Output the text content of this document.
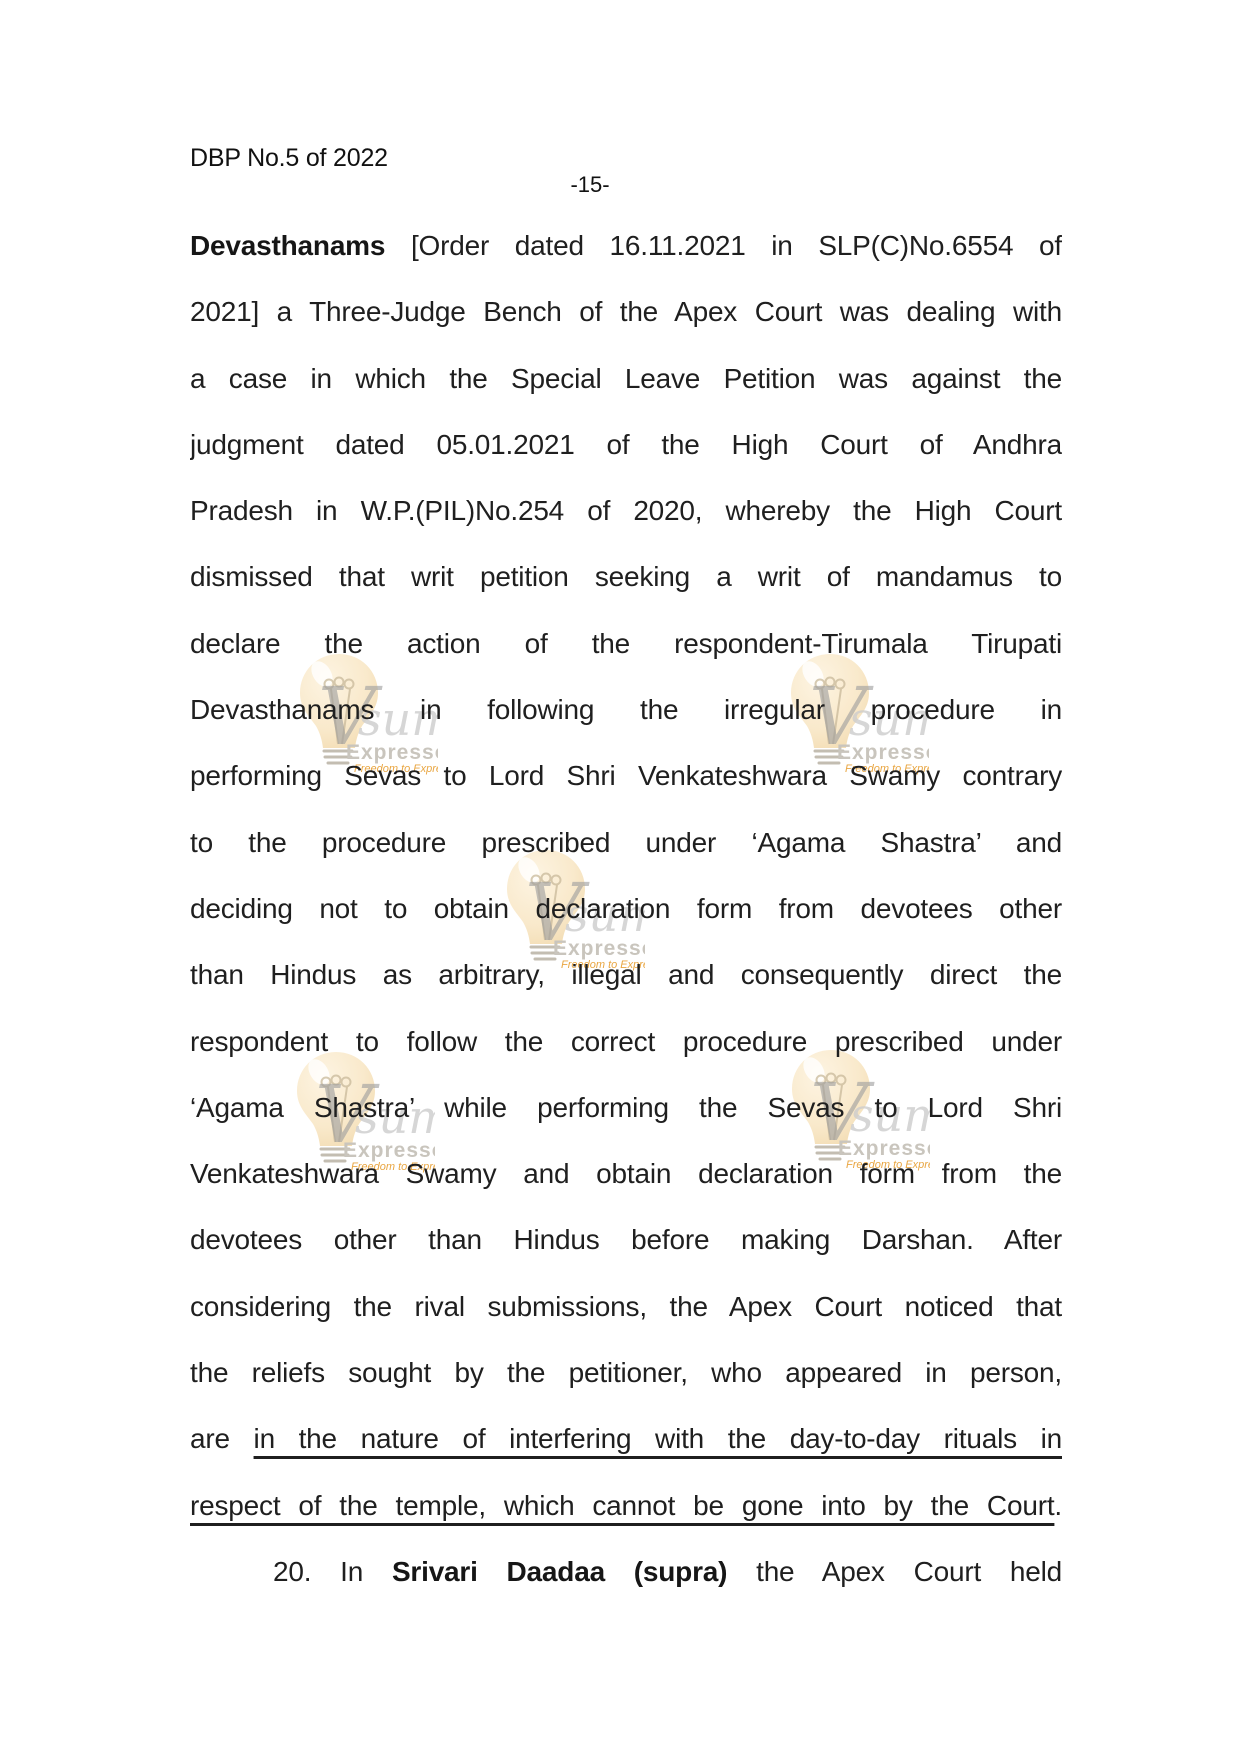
DBP No.5 of 2022
-15-
Devasthanams [Order dated 16.11.2021 in SLP(C)No.6554 of
2021] a Three-Judge Bench of the Apex Court was dealing with
a case in which the Special Leave Petition was against the
judgment dated 05.01.2021 of the High Court of Andhra
Pradesh in W.P.(PIL)No.254 of 2020, whereby the High Court
dismissed that writ petition seeking a writ of mandamus to
declare the action of the respondent-Tirumala Tirupati
Devasthanams in following the irregular procedure in
performing Sevas to Lord Shri Venkateshwara Swamy contrary
to the procedure prescribed under ‘Agama Shastra’ and
deciding not to obtain declaration form from devotees other
than Hindus as arbitrary, illegal and consequently direct the
respondent to follow the correct procedure prescribed under
‘Agama Shastra’ while performing the Sevas to Lord Shri
Venkateshwara Swamy and obtain declaration form from the
devotees other than Hindus before making Darshan. After
considering the rival submissions, the Apex Court noticed that
the reliefs sought by the petitioner, who appeared in person,
are in the nature of interfering with the day-to-day rituals in
respect of the temple, which cannot be gone into by the Court.
20. In Srivari Daadaa (supra) the Apex Court held
